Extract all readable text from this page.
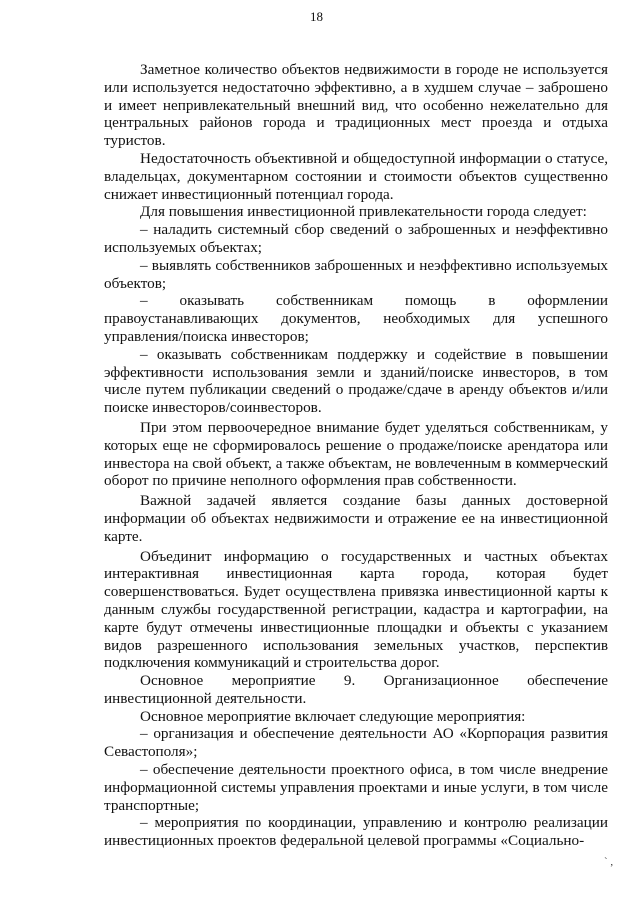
18

Заметное количество объектов недвижимости в городе не используется или используется недостаточно эффективно, а в худшем случае – заброшено и имеет непривлекательный внешний вид, что особенно нежелательно для центральных районов города и традиционных мест проезда и отдыха туристов.

Недостаточность объективной и общедоступной информации о статусе, владельцах, документарном состоянии и стоимости объектов существенно снижает инвестиционный потенциал города.

Для повышения инвестиционной привлекательности города следует:

– наладить системный сбор сведений о заброшенных и неэффективно используемых объектах;

– выявлять собственников заброшенных и неэффективно используемых объектов;

– оказывать собственникам помощь в оформлении правоустанавливающих документов, необходимых для успешного управления/поиска инвесторов;

– оказывать собственникам поддержку и содействие в повышении эффективности использования земли и зданий/поиске инвесторов, в том числе путем публикации сведений о продаже/сдаче в аренду объектов и/или поиске инвесторов/соинвесторов.

При этом первоочередное внимание будет уделяться собственникам, у которых еще не сформировалось решение о продаже/поиске арендатора или инвестора на свой объект, а также объектам, не вовлеченным в коммерческий оборот по причине неполного оформления прав собственности.

Важной задачей является создание базы данных достоверной информации об объектах недвижимости и отражение ее на инвестиционной карте.

Объединит информацию о государственных и частных объектах интерактивная инвестиционная карта города, которая будет совершенствоваться. Будет осуществлена привязка инвестиционной карты к данным службы государственной регистрации, кадастра и картографии, на карте будут отмечены инвестиционные площадки и объекты с указанием видов разрешенного использования земельных участков, перспектив подключения коммуникаций и строительства дорог.

Основное мероприятие 9. Организационное обеспечение инвестиционной деятельности.

Основное мероприятие включает следующие мероприятия:

– организация и обеспечение деятельности АО «Корпорация развития Севастополя»;

– обеспечение деятельности проектного офиса, в том числе внедрение информационной системы управления проектами и иные услуги, в том числе транспортные;

– мероприятия по координации, управлению и контролю реализации инвестиционных проектов федеральной целевой программы «Социально-

` ,
